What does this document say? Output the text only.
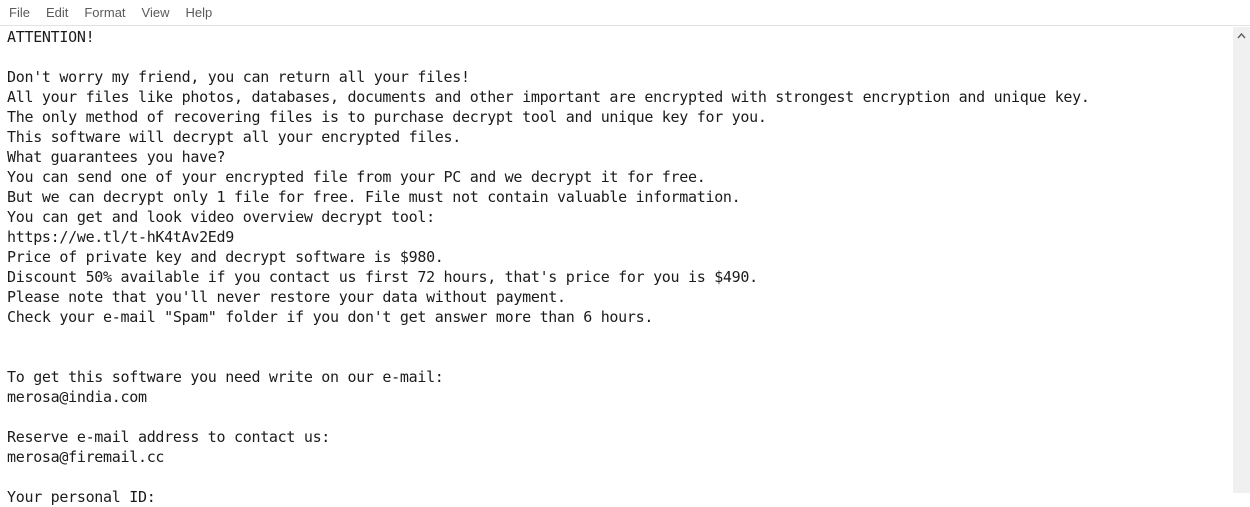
File	Edit	Format	View	Help
ATTENTION!
Don't worry my friend, you can return all your files!
All your files like photos, databases, documents and other important are encrypted with strongest encryption and unique key.
The only method of recovering files is to purchase decrypt tool and unique key for you.
This software will decrypt all your encrypted files.
What guarantees you have?
You can send one of your encrypted file from your PC and we decrypt it for free.
But we can decrypt only 1 file for free. File must not contain valuable information.
You can get and look video overview decrypt tool:
https://we.tl/t-hK4tAv2Ed9
Price of private key and decrypt software is $980.
Discount 50% available if you contact us first 72 hours, that's price for you is $490.
Please note that you'll never restore your data without payment.
Check your e-mail "Spam" folder if you don't get answer more than 6 hours.
To get this software you need write on our e-mail:
merosa@india.com
Reserve e-mail address to contact us:
merosa@firemail.cc
Your personal ID:
